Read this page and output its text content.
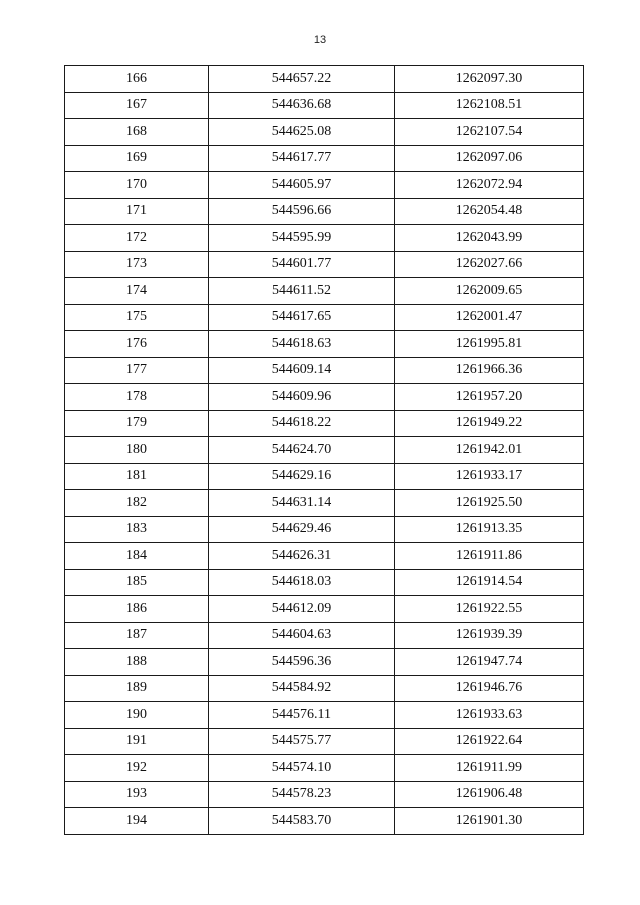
13
166	544657.22	1262097.30
167	544636.68	1262108.51
168	544625.08	1262107.54
169	544617.77	1262097.06
170	544605.97	1262072.94
171	544596.66	1262054.48
172	544595.99	1262043.99
173	544601.77	1262027.66
174	544611.52	1262009.65
175	544617.65	1262001.47
176	544618.63	1261995.81
177	544609.14	1261966.36
178	544609.96	1261957.20
179	544618.22	1261949.22
180	544624.70	1261942.01
181	544629.16	1261933.17
182	544631.14	1261925.50
183	544629.46	1261913.35
184	544626.31	1261911.86
185	544618.03	1261914.54
186	544612.09	1261922.55
187	544604.63	1261939.39
188	544596.36	1261947.74
189	544584.92	1261946.76
190	544576.11	1261933.63
191	544575.77	1261922.64
192	544574.10	1261911.99
193	544578.23	1261906.48
194	544583.70	1261901.30
